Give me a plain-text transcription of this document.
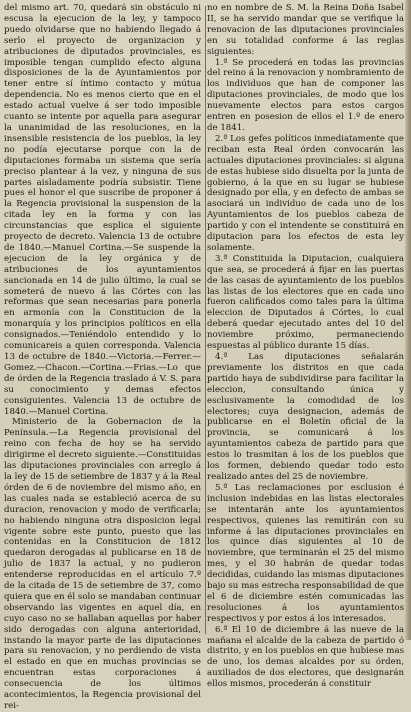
del mismo art. 70, quedará sin obstáculo ni escusa la ejecucion de la ley, y tampoco puedo olvidarse que no habiendo llegado á serlo el proyecto de organizacion y atribuciones de diputados provinciales, es imposible tengan cumplido efecto alguna disposiciones de la de Ayuntamientos por tener entre sí íntimo contacto y mútua dependencia. No es menos cierto que en el estado actual vuelve á ser todo imposible cuanto se intente por aquella para asegurar la unanimidad de las resoluciones, en la insensible resistencia de los pueblos, la ley no podía ejecutarse porque con la de diputaciones formaba un sistema que sería preciso plantear á la vez, y ninguna de sus partes aisladamente podría subsistir. Tiene pues el honor el que suscribe de proponer á la Regencia provisional la suspension de la citada ley en la forma y con las circunstancias que esplica el siguiente proyecto de decreto. Valencia 13 de octubre de 1840.—Manuel Cortina.—Se suspende la ejecucion de la ley orgánica y de atribuciones de los ayuntamientos sancionada en 14 de julio último, la cual se someterá de nuevo á las Córtes con las reformas que sean necesarias para ponerla en armonía con la Constitucion de la monarquía y los principios políticos en ella consignados.—Teniéndolo entendido y lo comunicareis a quien corresponda. Valencia 13 de octubre de 1840.—Victoria.—Ferrer.—Gomez.—Chacon.—Cortina.—Frias.—Lo que de órden de la Regencia traslado á V. S. para su conocimiento y demas efectos consiguientes. Valencia 13 de octubre de 1840.—Manuel Cortina.

Ministerio de la Gobernacion de la Península.—La Regencia provisional del reino con fecha de hoy se ha servido dirigirme el decreto siguiente.—Constituidas las diputaciones provinciales con arreglo á la ley de 15 de setiembre de 1837 y á la Real órden de 6 de noviembre del mismo año, en las cuales nada se estableció acerca de su duracion, renovacion y modo de verificarla; no habiendo ninguna otra disposicion legal vigente sobre este punto, puesto que las contenidas en la Constitucion de 1812 quedaron derogadas al publicarse en 18 de julio de 1837 la actual, y no pudieron entenderse reproducidas en el artículo 7.º de la citada de 15 de setiembre de 37, como quiera que en él solo se mandaban continuar observando las vigentes en aquel día, en cuyo caso no se hallaban aquellas por haber sido derogadas con alguna anterioridad, instando la mayor parte de las diputaciones para su renovacion, y no perdiendo de vista el estado en que en muchas provincias se encuentran estas corporaciones á consecuencia de los últimos acontecimientos, la Regencia provisional del rei-

no en nombre de S. M. la Reina Doña Isabel II, se ha servido mandar que se verifique la renovacion de las diputaciones provinciales en su totalidad conforme á las reglas siguientes:

1.ª Se procederá en todas las provincias del reino á la renovacion y nombramiento de los individuos que han de componer las diputaciones provinciales, de modo que los nuevamente electos para estos cargos entren en posesion de ellos el 1.º de enero de 1841.

2.ª Los gefes políticos inmediatamente que reciban esta Real órden convocarán las actuales diputaciones provinciales: si alguna de estas hubiese sido disuelta por la junta de gobierno, á la que en su lugar se hubiese designado por ella, y en defecto de ambas se asociará un individuo de cada uno de los Ayuntamientos de los pueblos cabeza de partido y con el intendente se constituirá en diputacion para los efectos de esta ley solamente.

3.ª Constituida la Diputacion, cualquiera que sea, se procederá á fijar en las puertas de las casas de ayuntamiento de los pueblos las listas de los electores que en cada uno fueron calificados como tales para la última eleccion de Diputados á Córtes, lo cual deberá quedar ejecutado antes del 10 del noviembre próximo, permaneciendo espuestas al público durante 15 días.

4.ª Las diputaciones señalarán previamente los distritos en que cada partido haya de subdividirse para facilitar la eleccion, consultando única y esclusivamente la comodidad de los electores; cuya designacion, además de publicarse en el Boletín oficial de la provincia, se comunicará á los ayuntamientos cabeza de partido para que estos lo trasmitan á los de los pueblos que los formen, debiendo quedar todo esto realizado antes del 25 de noviembre.

5.ª Las reclamaciones por esclusion é inclusion indebidas en las listas electorales se intentarán ante los ayuntamientos respectivos, quienes las remitirán con su informe á las diputaciones provinciales en los quince días siguientes al 10 de noviembre, que terminarán el 25 del mismo mes, y el 30 habrán de quedar todas decididas, cuidando las mismas diputaciones bajo su mas estrecha responsabilidad de que el 6 de diciembre estén comunicadas las resoluciones á los ayuntamientos respectivos y por estos á los interesados.

6.ª El 10 de diciembre á las nueve de la mañana el alcalde de la cabeza de partido ó distrito, y en los pueblos en que hubiese mas de uno, los demas alcaldes por su órden, auxiliados de dos electores, que designarán ellos mismos, procederán á constituir
